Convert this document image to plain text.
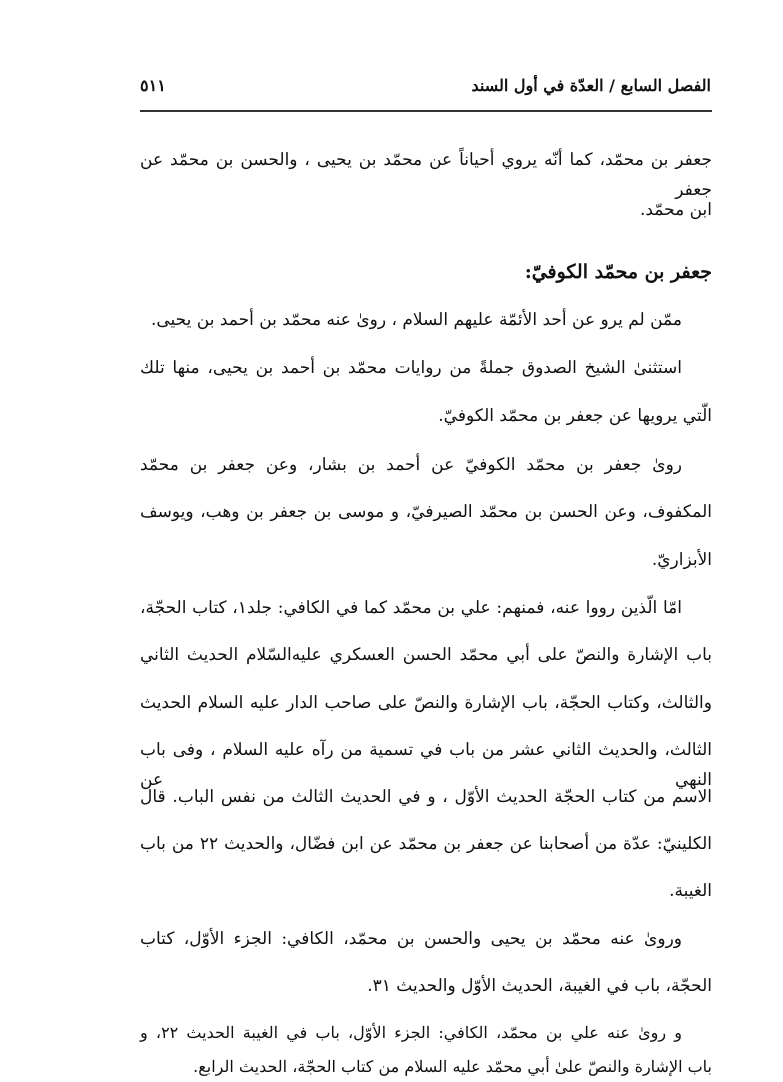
الفصل السابع / العدّة في أول السند
٥١١
جعفر بن محمّد، كما أنّه يروي أحياناً عن محمّد بن يحيى ، والحسن بن محمّد عن جعفر
ابن محمّد.
جعفر بن محمّد الكوفيّ:
ممّن لم يرو عن أحد الأئمّة عليهم السلام ، روىٰ عنه محمّد بن أحمد بن يحيى.
استثنىٰ الشيخ الصدوق جملةً من روايات محمّد بن أحمد بن يحيى، منها تلك
الّتي يرويها عن جعفر بن محمّد الكوفيّ.
روىٰ جعفر بن محمّد الكوفيّ عن أحمد بن بشار، وعن جعفر بن محمّد
المكفوف، وعن الحسن بن محمّد الصيرفيّ، و موسى بن جعفر بن وهب، ويوسف
الأبزاريّ.
امّا الّذين رووا عنه، فمنهم: علي بن محمّد كما في الكافي: جلد١، كتاب الحجّة،
باب الإشارة والنصّ على أبي محمّد الحسن العسكري عليه‌السّلام الحديث الثاني
والثالث، وكتاب الحجّة، باب الإشارة والنصّ على صاحب الدار عليه السلام الحديث
الثالث، والحديث الثاني عشر من باب في تسمية من رآه عليه السلام ، وفى باب النهي عن
الاسم من كتاب الحجّة الحديث الأوّل ، و في الحديث الثالث من نفس الباب. قال
الكلينيّ: عدّة من أصحابنا عن جعفر بن محمّد عن ابن فضّال، والحديث ٢٢ من باب
الغيبة.
وروىٰ عنه محمّد بن يحيى والحسن بن محمّد، الكافي: الجزء الأوّل، كتاب
الحجّة، باب في الغيبة، الحديث الأوّل والحديث ٣١.
و روىٰ عنه علي بن محمّد، الكافي: الجزء الأوّل، باب في الغيبة الحديث ٢٢، و
باب الإشارة والنصّ علىٰ أبي محمّد عليه السلام من كتاب الحجّة، الحديث الرابع.
